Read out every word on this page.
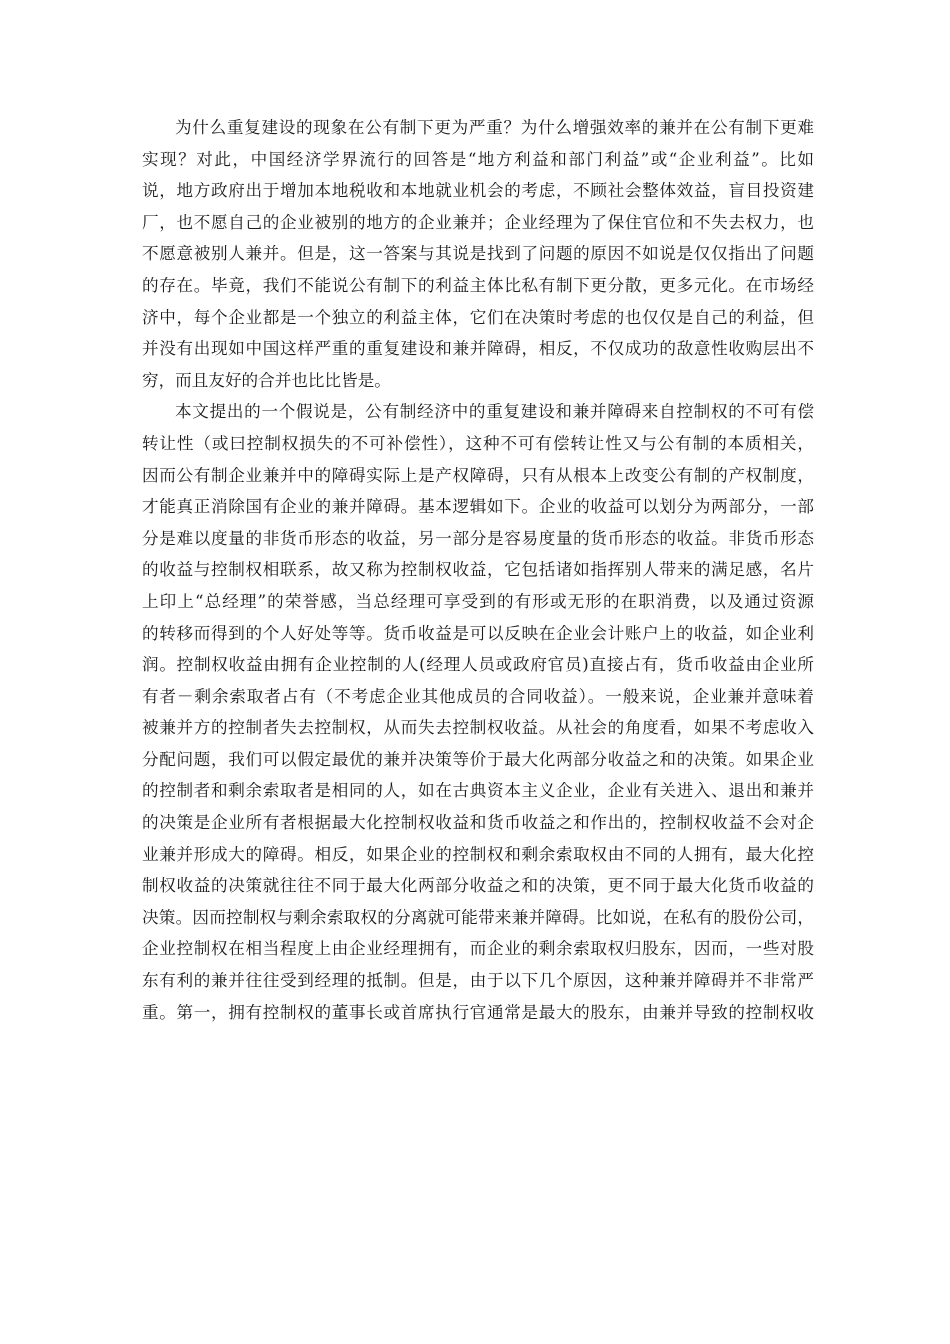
为什么重复建设的现象在公有制下更为严重？为什么增强效率的兼并在公有制下更难
实现？对此，中国经济学界流行的回答是“地方利益和部门利益”或“企业利益”。比如
说，地方政府出于增加本地税收和本地就业机会的考虑，不顾社会整体效益，盲目投资建
厂，也不愿自己的企业被别的地方的企业兼并；企业经理为了保住官位和不失去权力，也
不愿意被别人兼并。但是，这一答案与其说是找到了问题的原因不如说是仅仅指出了问题
的存在。毕竟，我们不能说公有制下的利益主体比私有制下更分散，更多元化。在市场经
济中，每个企业都是一个独立的利益主体，它们在决策时考虑的也仅仅是自己的利益，但
并没有出现如中国这样严重的重复建设和兼并障碍，相反，不仅成功的敌意性收购层出不
穷，而且友好的合并也比比皆是。
本文提出的一个假说是，公有制经济中的重复建设和兼并障碍来自控制权的不可有偿
转让性（或曰控制权损失的不可补偿性），这种不可有偿转让性又与公有制的本质相关，
因而公有制企业兼并中的障碍实际上是产权障碍，只有从根本上改变公有制的产权制度，
才能真正消除国有企业的兼并障碍。基本逻辑如下。企业的收益可以划分为两部分，一部
分是难以度量的非货币形态的收益，另一部分是容易度量的货币形态的收益。非货币形态
的收益与控制权相联系，故又称为控制权收益，它包括诸如指挥别人带来的满足感，名片
上印上“总经理”的荣誉感，当总经理可享受到的有形或无形的在职消费，以及通过资源
的转移而得到的个人好处等等。货币收益是可以反映在企业会计账户上的收益，如企业利
润。控制权收益由拥有企业控制的人(经理人员或政府官员)直接占有，货币收益由企业所
有者－剩余索取者占有（不考虑企业其他成员的合同收益）。一般来说，企业兼并意味着
被兼并方的控制者失去控制权，从而失去控制权收益。从社会的角度看，如果不考虑收入
分配问题，我们可以假定最优的兼并决策等价于最大化两部分收益之和的决策。如果企业
的控制者和剩余索取者是相同的人，如在古典资本主义企业，企业有关进入、退出和兼并
的决策是企业所有者根据最大化控制权收益和货币收益之和作出的，控制权收益不会对企
业兼并形成大的障碍。相反，如果企业的控制权和剩余索取权由不同的人拥有，最大化控
制权收益的决策就往往不同于最大化两部分收益之和的决策，更不同于最大化货币收益的
决策。因而控制权与剩余索取权的分离就可能带来兼并障碍。比如说，在私有的股份公司，
企业控制权在相当程度上由企业经理拥有，而企业的剩余索取权归股东，因而，一些对股
东有利的兼并往往受到经理的抵制。但是，由于以下几个原因，这种兼并障碍并不非常严
重。第一，拥有控制权的董事长或首席执行官通常是最大的股东，由兼并导致的控制权收
